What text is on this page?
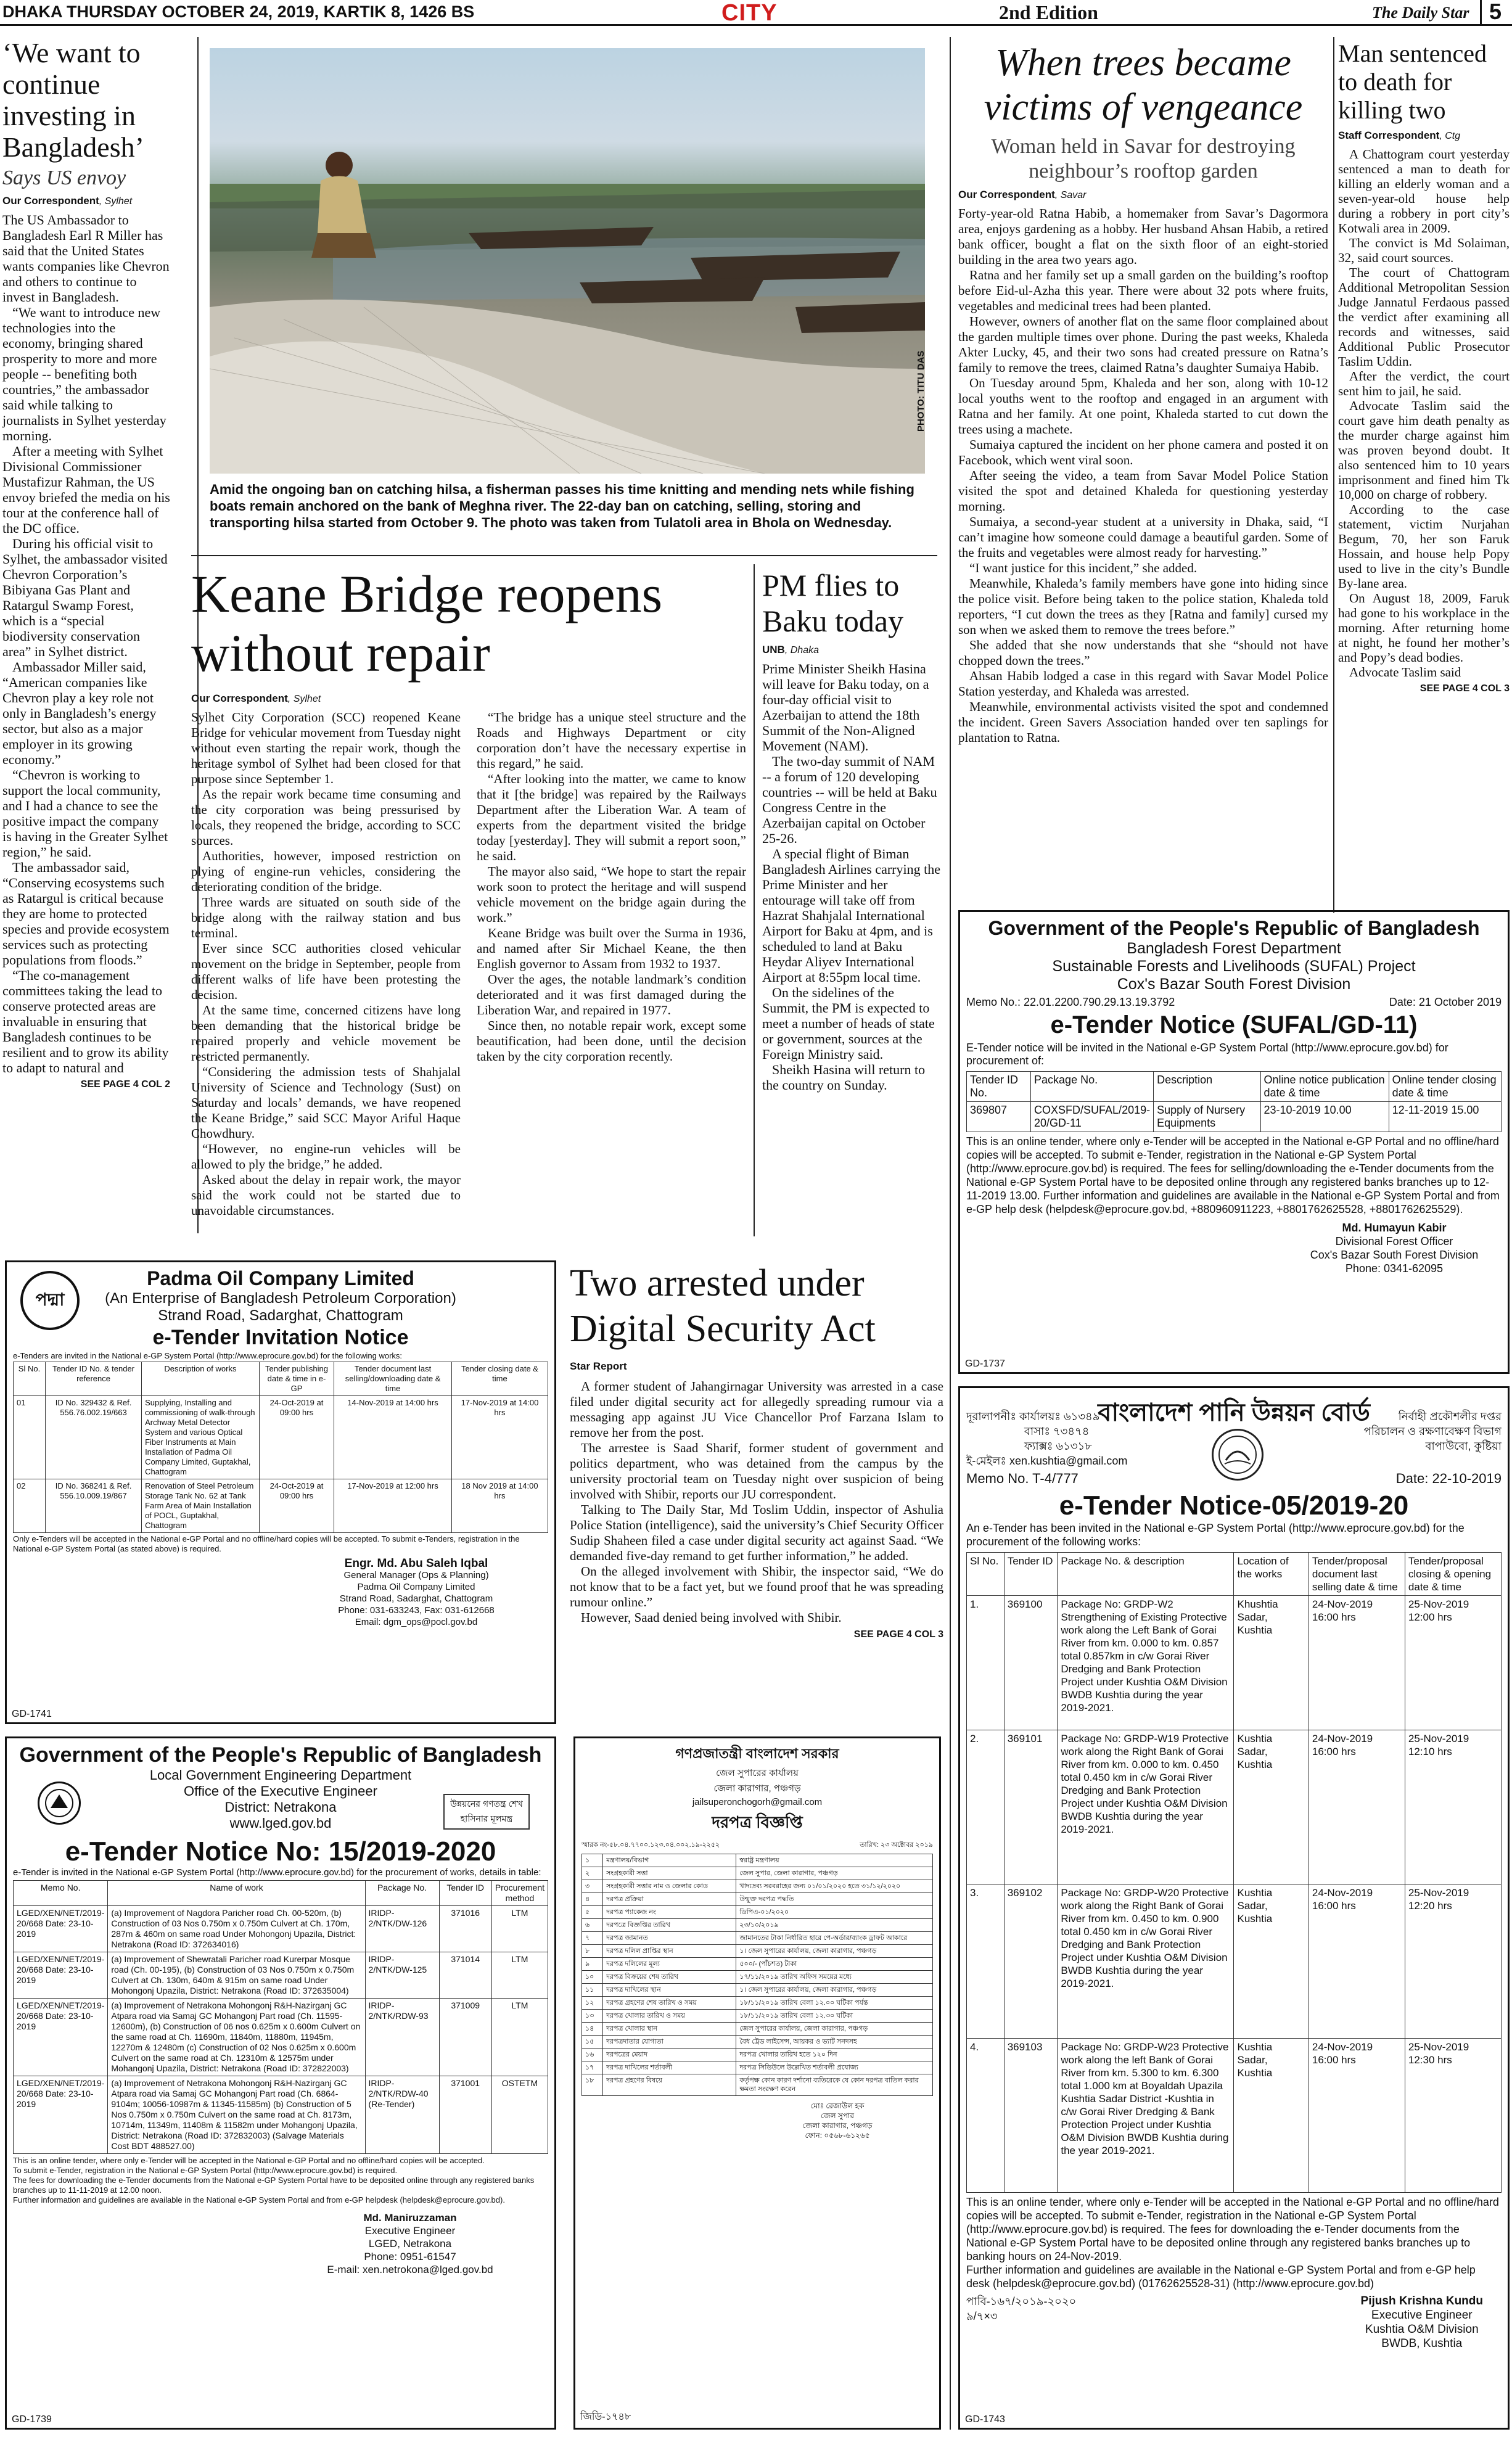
DHAKA THURSDAY OCTOBER 24, 2019, KARTIK 8, 1426 BS	CITY	2nd Edition	The Daily Star 5
‘We want to continue investing in Bangladesh’
Says US envoy
Our Correspondent, Sylhet

The US Ambassador to Bangladesh Earl R Miller has said that the United States wants companies like Chevron and others to continue to invest in Bangladesh.

“We want to introduce new technologies into the economy, bringing shared prosperity to more and more people -- benefiting both countries,” the ambassador said while talking to journalists in Sylhet yesterday morning.

After a meeting with Sylhet Divisional Commissioner Mustafizur Rahman, the US envoy briefed the media on his tour at the conference hall of the DC office.

During his official visit to Sylhet, the ambassador visited Chevron Corporation’s Bibiyana Gas Plant and Ratargul Swamp Forest, which is a “special biodiversity conservation area” in Sylhet district.

Ambassador Miller said, “American companies like Chevron play a key role not only in Bangladesh’s energy sector, but also as a major employer in its growing economy.”

“Chevron is working to support the local community, and I had a chance to see the positive impact the company is having in the Greater Sylhet region,” he said.

The ambassador said, “Conserving ecosystems such as Ratargul is critical because they are home to protected species and provide ecosystem services such as protecting populations from floods.”

“The co-management committees taking the lead to conserve protected areas are invaluable in ensuring that Bangladesh continues to be resilient and to grow its ability to adapt to natural and

SEE PAGE 4 COL 2
PHOTO: TITU DAS
Amid the ongoing ban on catching hilsa, a fisherman passes his time knitting and mending nets while fishing boats remain anchored on the bank of Meghna river. The 22-day ban on catching, selling, storing and transporting hilsa started from October 9. The photo was taken from Tulatoli area in Bhola on Wednesday.
Keane Bridge reopens without repair
Our Correspondent, Sylhet

Sylhet City Corporation (SCC) reopened Keane Bridge for vehicular movement from Tuesday night without even starting the repair work, though the heritage symbol of Sylhet had been closed for that purpose since September 1.

As the repair work became time consuming and the city corporation was being pressurised by locals, they reopened the bridge, according to SCC sources.

Authorities, however, imposed restriction on plying of engine-run vehicles, considering the deteriorating condition of the bridge.

Three wards are situated on south side of the bridge along with the railway station and bus terminal.

Ever since SCC authorities closed vehicular movement on the bridge in September, people from different walks of life have been protesting the decision.

At the same time, concerned citizens have long been demanding that the historical bridge be repaired properly and vehicle movement be restricted permanently.

“Considering the admission tests of Shahjalal University of Science and Technology (Sust) on Saturday and locals’ demands, we have reopened the Keane Bridge,” said SCC Mayor Ariful Haque Chowdhury.

“However, no engine-run vehicles will be allowed to ply the bridge,” he added.

Asked about the delay in repair work, the mayor said the work could not be started due to unavoidable circumstances.

“The bridge has a unique steel structure and the Roads and Highways Department or city corporation don’t have the necessary expertise in this regard,” he said.

“After looking into the matter, we came to know that it [the bridge] was repaired by the Railways Department after the Liberation War. A team of experts from the department visited the bridge today [yesterday]. They will submit a report soon,” he said.

The mayor also said, “We hope to start the repair work soon to protect the heritage and will suspend vehicle movement on the bridge again during the work.”

Keane Bridge was built over the Surma in 1936, and named after Sir Michael Keane, the then English governor to Assam from 1932 to 1937.

Over the ages, the notable landmark’s condition deteriorated and it was first damaged during the Liberation War, and repaired in 1977.

Since then, no notable repair work, except some beautification, had been done, until the decision taken by the city corporation recently.

PM flies to Baku today
UNB, Dhaka

Prime Minister Sheikh Hasina will leave for Baku today, on a four-day official visit to Azerbaijan to attend the 18th Summit of the Non-Aligned Movement (NAM).

The two-day summit of NAM -- a forum of 120 developing countries -- will be held at Baku Congress Centre in the Azerbaijan capital on October 25-26.

A special flight of Biman Bangladesh Airlines carrying the Prime Minister and her entourage will take off from Hazrat Shahjalal International Airport for Baku at 4pm, and is scheduled to land at Baku Heydar Aliyev International Airport at 8:55pm local time.

On the sidelines of the Summit, the PM is expected to meet a number of heads of state or government, sources at the Foreign Ministry said.

Sheikh Hasina will return to the country on Sunday.

When trees became victims of vengeance
Woman held in Savar for destroying neighbour’s rooftop garden
Our Correspondent, Savar

Forty-year-old Ratna Habib, a homemaker from Savar’s Dagormora area, enjoys gardening as a hobby. Her husband Ahsan Habib, a retired bank officer, bought a flat on the sixth floor of an eight-storied building in the area two years ago.

Ratna and her family set up a small garden on the building’s rooftop before Eid-ul-Azha this year. There were about 32 pots where fruits, vegetables and medicinal trees had been planted.

However, owners of another flat on the same floor complained about the garden multiple times over phone. During the past weeks, Khaleda Akter Lucky, 45, and their two sons had created pressure on Ratna’s family to remove the trees, claimed Ratna’s daughter Sumaiya Habib.

On Tuesday around 5pm, Khaleda and her son, along with 10-12 local youths went to the rooftop and engaged in an argument with Ratna and her family. At one point, Khaleda started to cut down the trees using a machete.

Sumaiya captured the incident on her phone camera and posted it on Facebook, which went viral soon.

After seeing the video, a team from Savar Model Police Station visited the spot and detained Khaleda for questioning yesterday morning.

Sumaiya, a second-year student at a university in Dhaka, said, “I can’t imagine how someone could damage a beautiful garden. Some of the fruits and vegetables were almost ready for harvesting.”

“I want justice for this incident,” she added.

Meanwhile, Khaleda’s family members have gone into hiding since the police visit. Before being taken to the police station, Khaleda told reporters, “I cut down the trees as they [Ratna and family] cursed my son when we asked them to remove the trees before.”

She added that she now understands that she “should not have chopped down the trees.”

Ahsan Habib lodged a case in this regard with Savar Model Police Station yesterday, and Khaleda was arrested.

Meanwhile, environmental activists visited the spot and condemned the incident. Green Savers Association handed over ten saplings for plantation to Ratna.

Man sentenced to death for killing two
Staff Correspondent, Ctg

A Chattogram court yesterday sentenced a man to death for killing an elderly woman and a seven-year-old house help during a robbery in port city’s Kotwali area in 2009.

The convict is Md Solaiman, 32, said court sources.

The court of Chattogram Additional Metropolitan Session Judge Jannatul Ferdaous passed the verdict after examining all records and witnesses, said Additional Public Prosecutor Taslim Uddin.

After the verdict, the court sent him to jail, he said.

Advocate Taslim said the court gave him death penalty as the murder charge against him was proven beyond doubt. It also sentenced him to 10 years imprisonment and fined him Tk 10,000 on charge of robbery.

According to the case statement, victim Nurjahan Begum, 70, her son Faruk Hossain, and house help Popy used to live in the city’s Bundle By-lane area.

On August 18, 2009, Faruk had gone to his workplace in the morning. After returning home at night, he found her mother’s and Popy’s dead bodies.

Advocate Taslim said

SEE PAGE 4 COL 3
Government of the People's Republic of Bangladesh
Bangladesh Forest Department
Sustainable Forests and Livelihoods (SUFAL) Project
Cox's Bazar South Forest Division
Memo No.: 22.01.2200.790.29.13.19.3792	Date: 21 October 2019
e-Tender Notice (SUFAL/GD-11)
E-Tender notice will be invited in the National e-GP System Portal (http://www.eprocure.gov.bd) for procurement of:
Tender ID No.	Package No.	Description	Online notice publication date & time	Online tender closing date & time
369807	COXSFD/SUFAL/2019-20/GD-11	Supply of Nursery Equipments	23-10-2019 10.00	12-11-2019 15.00
This is an online tender, where only e-Tender will be accepted in the National e-GP Portal and no offline/hard copies will be accepted. To submit e-Tender, registration in the National e-GP System Portal (http://www.eprocure.gov.bd) is required. The fees for selling/downloading the e-Tender documents from the National e-GP System Portal have to be deposited online through any registered banks branches up to 12-11-2019 13.00. Further information and guidelines are available in the National e-GP System Portal and from e-GP help desk (helpdesk@eprocure.gov.bd, +880960911223, +8801762625528, +8801762625529).
Md. Humayun Kabir
Divisional Forest Officer
Cox's Bazar South Forest Division
Phone: 0341-62095
GD-1737
দূরালাপনীঃ কার্যালয়ঃ ৬১৩৪৯
বাসাঃ ৭৩৪৭৪
ফ্যাক্সঃ ৬১৩১৮
ই-মেইলঃ xen.kushtia@gmail.com
বাংলাদেশ পানি উন্নয়ন বোর্ড	নির্বাহী প্রকৌশলীর দপ্তর
পরিচালন ও রক্ষণাবেক্ষণ বিভাগ
বাপাউবো, কুষ্টিয়া
Memo No. T-4/777	Date: 22-10-2019
e-Tender Notice-05/2019-20
An e-Tender has been invited in the National e-GP System Portal (http://www.eprocure.gov.bd) for the procurement of the following works:
Sl No.	Tender ID	Package No. & description	Location of the works	Tender/proposal document last selling date & time	Tender/proposal closing & opening date & time
1.	369100	Package No: GRDP-W2 Strengthening of Existing Protective work along the Left Bank of Gorai River from km. 0.000 to km. 0.857 total 0.857km in c/w Gorai River Dredging and Bank Protection Project under Kushtia O&M Division BWDB Kushtia during the year 2019-2021.	Khushtia Sadar, Kushtia	24-Nov-2019 16:00 hrs	25-Nov-2019 12:00 hrs
2.	369101	Package No: GRDP-W19 Protective work along the Right Bank of Gorai River from km. 0.000 to km. 0.450 total 0.450 km in c/w Gorai River Dredging and Bank Protection Project under Kushtia O&M Division BWDB Kushtia during the year 2019-2021.	Kushtia Sadar, Kushtia	24-Nov-2019 16:00 hrs	25-Nov-2019 12:10 hrs
3.	369102	Package No: GRDP-W20 Protective work along the Right Bank of Gorai River from km. 0.450 to km. 0.900 total 0.450 km in c/w Gorai River Dredging and Bank Protection Project under Kushtia O&M Division BWDB Kushtia during the year 2019-2021.	Kushtia Sadar, Kushtia	24-Nov-2019 16:00 hrs	25-Nov-2019 12:20 hrs
4.	369103	Package No: GRDP-W23 Protective work along the left Bank of Gorai River from km. 5.300 to km. 6.300 total 1.000 km at Boyaldah Upazila Kushtia Sadar District -Kushtia in c/w Gorai River Dredging & Bank Protection Project under Kushtia O&M Division BWDB Kushtia during the year 2019-2021.	Kushtia Sadar, Kushtia	24-Nov-2019 16:00 hrs	25-Nov-2019 12:30 hrs
This is an online tender, where only e-Tender will be accepted in the National e-GP Portal and no offline/hard copies will be accepted. To submit e-Tender, registration in the National e-GP System Portal (http://www.eprocure.gov.bd) is required. The fees for downloading the e-Tender documents from the National e-GP System Portal have to be deposited online through any registered banks branches up to banking hours on 24-Nov-2019.
Further information and guidelines are available in the National e-GP System Portal and from e-GP help desk (helpdesk@eprocure.gov.bd) (01762625528-31) (http://www.eprocure.gov.bd)
পাবি-১৬৭/২০১৯-২০২০
৯/৭×৩
Pijush Krishna Kundu
Executive Engineer
Kushtia O&M Division
BWDB, Kushtia
GD-1743
Two arrested under Digital Security Act
Star Report

A former student of Jahangirnagar University was arrested in a case filed under digital security act for allegedly spreading rumour via a messaging app against JU Vice Chancellor Prof Farzana Islam to remove her from the post.

The arrestee is Saad Sharif, former student of government and politics department, who was detained from the campus by the university proctorial team on Tuesday night over suspicion of being involved with Shibir, reports our JU correspondent.

Talking to The Daily Star, Md Toslim Uddin, inspector of Ashulia Police Station (intelligence), said the university’s Chief Security Officer Sudip Shaheen filed a case under digital security act against Saad. “We demanded five-day remand to get further information,” he added.

On the alleged involvement with Shibir, the inspector said, “We do not know that to be a fact yet, but we found proof that he was spreading rumour online.”

However, Saad denied being involved with Shibir.

SEE PAGE 4 COL 3
পদ্মা
Padma Oil Company Limited
(An Enterprise of Bangladesh Petroleum Corporation)
Strand Road, Sadarghat, Chattogram
e-Tender Invitation Notice
e-Tenders are invited in the National e-GP System Portal (http://www.eprocure.gov.bd) for the following works:
Sl No.	Tender ID No. & tender reference	Description of works	Tender publishing date & time in e-GP	Tender document last selling/downloading date & time	Tender closing date & time
01	ID No. 329432 & Ref. 556.76.002.19/663	Supplying, Installing and commissioning of walk-through Archway Metal Detector System and various Optical Fiber Instruments at Main Installation of Padma Oil Company Limited, Guptakhal, Chattogram	24-Oct-2019 at 09:00 hrs	14-Nov-2019 at 14:00 hrs	17-Nov-2019 at 14:00 hrs
02	ID No. 368241 & Ref. 556.10.009.19/867	Renovation of Steel Petroleum Storage Tank No. 62 at Tank Farm Area of Main Installation of POCL, Guptakhal, Chattogram	24-Oct-2019 at 09:00 hrs	17-Nov-2019 at 12:00 hrs	18 Nov 2019 at 14:00 hrs
Only e-Tenders will be accepted in the National e-GP Portal and no offline/hard copies will be accepted. To submit e-Tenders, registration in the National e-GP System Portal (as stated above) is required.
Engr. Md. Abu Saleh Iqbal
General Manager (Ops & Planning)
Padma Oil Company Limited
Strand Road, Sadarghat, Chattogram
Phone: 031-633243, Fax: 031-612668
Email: dgm_ops@pocl.gov.bd
GD-1741
Government of the People's Republic of Bangladesh
Local Government Engineering Department
Office of the Executive Engineer
District: Netrakona
www.lged.gov.bd
উন্নয়নের গণতন্ত্র শেখ হাসিনার মূলমন্ত্র
e-Tender Notice No: 15/2019-2020
e-Tender is invited in the National e-GP System Portal (http://www.eprocure.gov.bd) for the procurement of works, details in table:
Memo No.	Name of work	Package No.	Tender ID	Procurement method
LGED/XEN/NET/2019-20/668 Date: 23-10-2019	(a) Improvement of Nagdora Paricher road Ch. 00-520m, (b) Construction of 03 Nos 0.750m x 0.750m Culvert at Ch. 170m, 287m & 460m on same road Under Mohongonj Upazila, District: Netrakona (Road ID: 372634016)	IRIDP-2/NTK/DW-126	371016	LTM
LGED/XEN/NET/2019-20/668 Date: 23-10-2019	(a) Improvement of Shewratali Paricher road Kurerpar Mosque road (Ch. 00-195), (b) Construction of 03 Nos 0.750m x 0.750m Culvert at Ch. 130m, 640m & 915m on same road Under Mohongonj Upazila, District: Netrakona (Road ID: 372635004)	IRIDP-2/NTK/DW-125	371014	LTM
LGED/XEN/NET/2019-20/668 Date: 23-10-2019	(a) Improvement of Netrakona Mohongonj R&H-Nazirganj GC Atpara road via Samaj GC Mohangonj Part road (Ch. 11595-12600m), (b) Construction of 06 nos 0.625m x 0.600m Culvert on the same road at Ch. 11690m, 11840m, 11880m, 11945m, 12270m & 12480m (c) Construction of 02 Nos 0.625m x 0.600m Culvert on the same road at Ch. 12310m & 12575m under Mohangonj Upazila, District: Netrakona (Road ID: 372822003)	IRIDP-2/NTK/RDW-93	371009	LTM
LGED/XEN/NET/2019-20/668 Date: 23-10-2019	(a) Improvement of Netrakona Mohongonj R&H-Nazirganj GC Atpara road via Samaj GC Mohangonj Part road (Ch. 6864- 9104m; 10056-10987m & 11345-11585m) (b) Construction of 5 Nos 0.750m x 0.750m Culvert on the same road at Ch. 8173m, 10714m, 11349m, 11408m & 11582m under Mohangonj Upazila, District: Netrakona (Road ID: 372832003) (Salvage Materials Cost BDT 488527.00)	IRIDP-2/NTK/RDW-40 (Re-Tender)	371001	OSTETM
This is an online tender, where only e-Tender will be accepted in the National e-GP Portal and no offline/hard copies will be accepted.
To submit e-Tender, registration in the National e-GP System Portal (http://www.eprocure.gov.bd) is required.
The fees for downloading the e-Tender documents from the National e-GP System Portal have to be deposited online through any registered banks branches up to 11-11-2019 at 12.00 noon.
Further information and guidelines are available in the National e-GP System Portal and from e-GP helpdesk (helpdesk@eprocure.gov.bd).
Md. Maniruzzaman
Executive Engineer
LGED, Netrakona
Phone: 0951-61547
E-mail: xen.netrokona@lged.gov.bd
GD-1739
গণপ্রজাতন্ত্রী বাংলাদেশ সরকার
জেল সুপারের কার্যালয়
জেলা কারাগার, পঞ্চগড়
jailsuperonchogorh@gmail.com
দরপত্র বিজ্ঞপ্তি
স্মারক নং-৫৮.০৪.৭৭০০.১২৩.০৪.০০২.১৯-২২৫২	তারিখ: ২৩ অক্টোবর ২০১৯
১	মন্ত্রণালয়/বিভাগ	স্বরাষ্ট্র মন্ত্রণালয়
২	সংগ্রহকারী সত্তা	জেল সুপার, জেলা কারাগার, পঞ্চগড়
৩	সংগ্রহকারী সত্তার নাম ও জেলার কোড	খাদ্যদ্রব্য সরবরাহের জন্য ০১/০১/২০২০ হতে ৩১/১২/২০২০
৪	দরপত্র প্রক্রিয়া	উন্মুক্ত দরপত্র পদ্ধতি
৫	দরপত্র প্যাকেজ নং	ডিপিএ-০১/২০২০
৬	দরপত্রে বিজ্ঞপ্তির তারিখ	২৩/১০/২০১৯
৭	দরপত্র জামানত	জামানতের টাকা নির্ধারিত হারে পে-অর্ডার/ব্যাংক ড্রাফট আকারে
৮	দরপত্র দলিল প্রাপ্তির স্থান	১। জেল সুপারের কার্যালয়, জেলা কারাগার, পঞ্চগড়
৯	দরপত্র দলিলের মূল্য	৫০০/- (পাঁচশত) টাকা
১০	দরপত্র বিক্রয়ের শেষ তারিখ	১৭/১১/২০১৯ তারিখ অফিস সময়ের মধ্যে
১১	দরপত্র দাখিলের স্থান	১। জেল সুপারের কার্যালয়, জেলা কারাগার, পঞ্চগড়
১২	দরপত্র গ্রহণের শেষ তারিখ ও সময়	১৮/১১/২০১৯ তারিখ বেলা ১২.০০ ঘটিকা পর্যন্ত
১৩	দরপত্র খোলার তারিখ ও সময়	১৮/১১/২০১৯ তারিখ বেলা ১২.৩০ ঘটিকা
১৪	দরপত্র খোলার স্থান	জেল সুপারের কার্যালয়, জেলা কারাগার, পঞ্চগড়
১৫	দরপত্রদাতার যোগ্যতা	বৈধ ট্রেড লাইসেন্স, আয়কর ও ভ্যাট সনদসহ
১৬	দরপত্রের মেয়াদ	দরপত্র খোলার তারিখ হতে ১২০ দিন
১৭	দরপত্র দাখিলের শর্তাবলী	দরপত্র সিডিউলে উল্লেখিত শর্তাবলী প্রযোজ্য
১৮	দরপত্র গ্রহণের বিষয়ে	কর্তৃপক্ষ কোন কারণ দর্শানো ব্যতিরেকে যে কোন দরপত্র বাতিল করার ক্ষমতা সংরক্ষণ করেন
মোঃ রেজাউল হক
জেল সুপার
জেলা কারাগার, পঞ্চগড়
ফোন: ০৫৬৮-৬১২৬৫
জিডি-১৭৪৮
